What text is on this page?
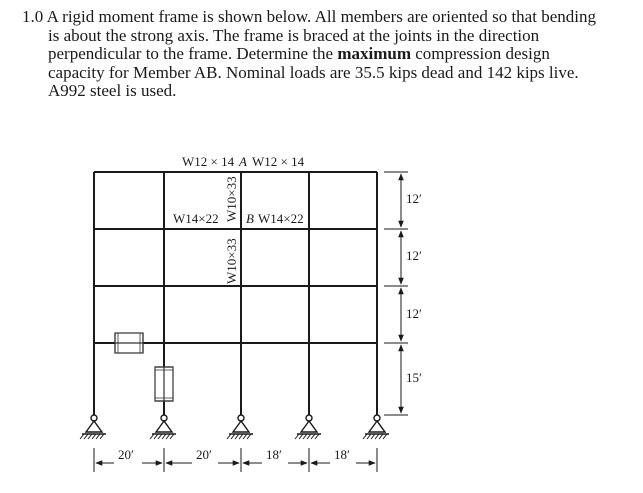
1.0 A rigid moment frame is shown below. All members are oriented so that bending
is about the strong axis. The frame is braced at the joints in the direction
perpendicular to the frame. Determine the maximum compression design
capacity for Member AB. Nominal loads are 35.5 kips dead and 142 kips live.
A992 steel is used.
W12 × 14 A W12 × 14
W14×22 B W14×22
W10×33
W10×33
12′
12′
12′
15′
20′	20′	18′	18′
